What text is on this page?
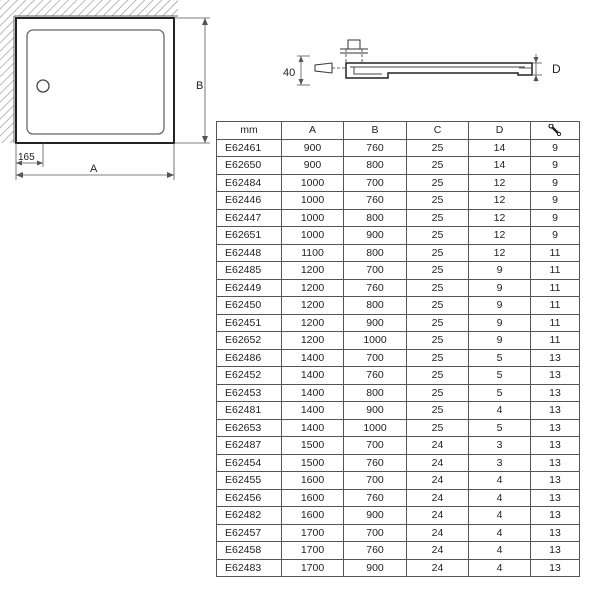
B
A
165
40	D
mm	A	B	C	D	
E62461	900	760	25	14	9
E62650	900	800	25	14	9
E62484	1000	700	25	12	9
E62446	1000	760	25	12	9
E62447	1000	800	25	12	9
E62651	1000	900	25	12	9
E62448	1100	800	25	12	11
E62485	1200	700	25	9	11
E62449	1200	760	25	9	11
E62450	1200	800	25	9	11
E62451	1200	900	25	9	11
E62652	1200	1000	25	9	11
E62486	1400	700	25	5	13
E62452	1400	760	25	5	13
E62453	1400	800	25	5	13
E62481	1400	900	25	4	13
E62653	1400	1000	25	5	13
E62487	1500	700	24	3	13
E62454	1500	760	24	3	13
E62455	1600	700	24	4	13
E62456	1600	760	24	4	13
E62482	1600	900	24	4	13
E62457	1700	700	24	4	13
E62458	1700	760	24	4	13
E62483	1700	900	24	4	13
